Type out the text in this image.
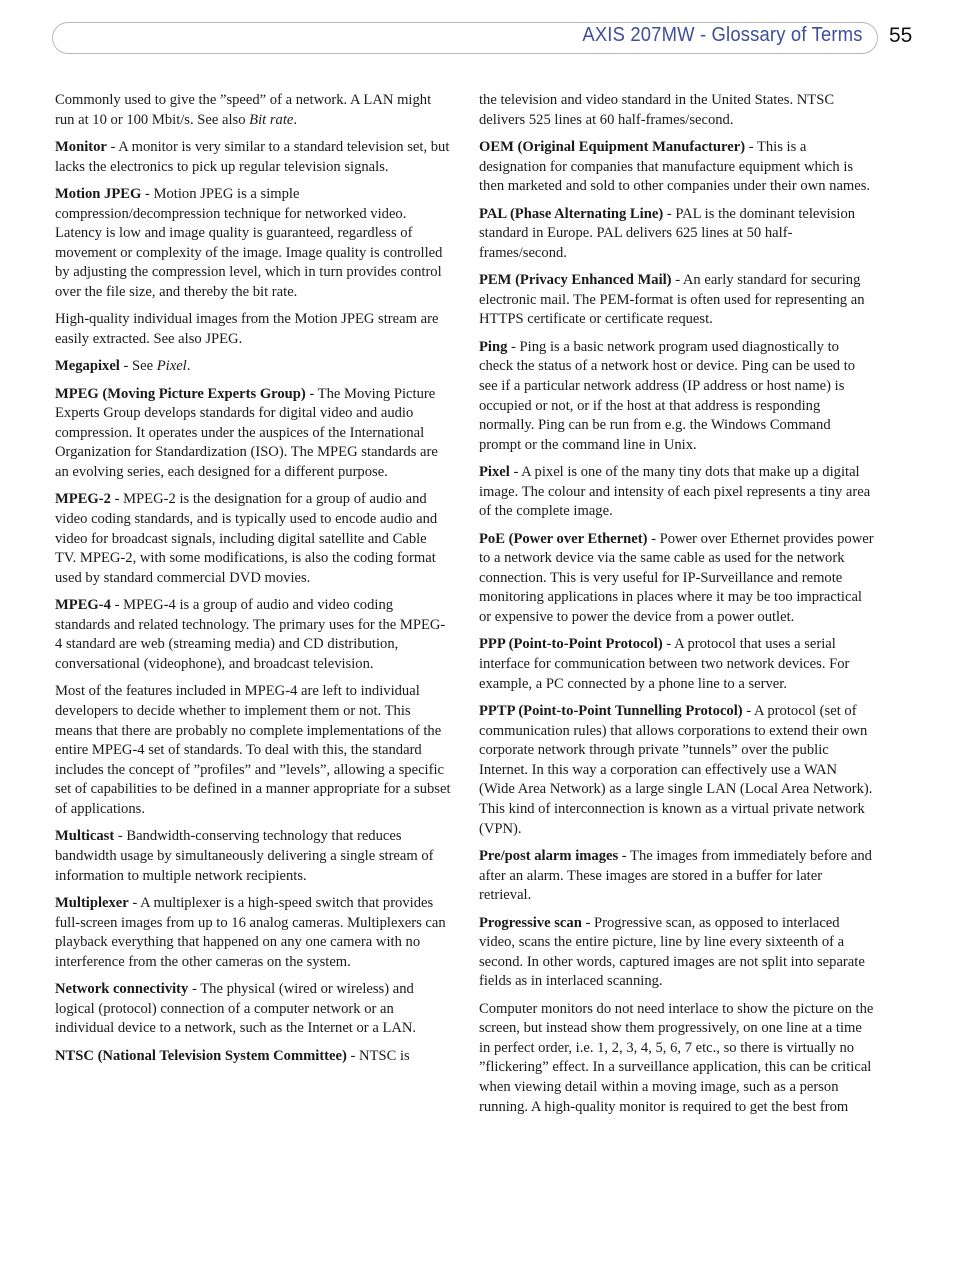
AXIS 207MW - Glossary of Terms 55

Commonly used to give the ”speed” of a network. A LAN might run at 10 or 100 Mbit/s. See also Bit rate.

Monitor - A monitor is very similar to a standard television set, but lacks the electronics to pick up regular television signals.

Motion JPEG - Motion JPEG is a simple compression/decompression technique for networked video. Latency is low and image quality is guaranteed, regardless of movement or complexity of the image. Image quality is controlled by adjusting the compression level, which in turn provides control over the file size, and thereby the bit rate.

High-quality individual images from the Motion JPEG stream are easily extracted. See also JPEG.

Megapixel - See Pixel.

MPEG (Moving Picture Experts Group) - The Moving Picture Experts Group develops standards for digital video and audio compression. It operates under the auspices of the International Organization for Standardization (ISO). The MPEG standards are an evolving series, each designed for a different purpose.

MPEG-2 - MPEG-2 is the designation for a group of audio and video coding standards, and is typically used to encode audio and video for broadcast signals, including digital satellite and Cable TV. MPEG-2, with some modifications, is also the coding format used by standard commercial DVD movies.

MPEG-4 - MPEG-4 is a group of audio and video coding standards and related technology. The primary uses for the MPEG-4 standard are web (streaming media) and CD distribution, conversational (videophone), and broadcast television.

Most of the features included in MPEG-4 are left to individual developers to decide whether to implement them or not. This means that there are probably no complete implementations of the entire MPEG-4 set of standards. To deal with this, the standard includes the concept of ”profiles” and ”levels”, allowing a specific set of capabilities to be defined in a manner appropriate for a subset of applications.

Multicast - Bandwidth-conserving technology that reduces bandwidth usage by simultaneously delivering a single stream of information to multiple network recipients.

Multiplexer - A multiplexer is a high-speed switch that provides full-screen images from up to 16 analog cameras. Multiplexers can playback everything that happened on any one camera with no interference from the other cameras on the system.

Network connectivity - The physical (wired or wireless) and logical (protocol) connection of a computer network or an individual device to a network, such as the Internet or a LAN.

NTSC (National Television System Committee) - NTSC is

the television and video standard in the United States. NTSC delivers 525 lines at 60 half-frames/second.

OEM (Original Equipment Manufacturer) - This is a designation for companies that manufacture equipment which is then marketed and sold to other companies under their own names.

PAL (Phase Alternating Line) - PAL is the dominant television standard in Europe. PAL delivers 625 lines at 50 half-frames/second.

PEM (Privacy Enhanced Mail) - An early standard for securing electronic mail. The PEM-format is often used for representing an HTTPS certificate or certificate request.

Ping - Ping is a basic network program used diagnostically to check the status of a network host or device. Ping can be used to see if a particular network address (IP address or host name) is occupied or not, or if the host at that address is responding normally. Ping can be run from e.g. the Windows Command prompt or the command line in Unix.

Pixel - A pixel is one of the many tiny dots that make up a digital image. The colour and intensity of each pixel represents a tiny area of the complete image.

PoE (Power over Ethernet) - Power over Ethernet provides power to a network device via the same cable as used for the network connection. This is very useful for IP-Surveillance and remote monitoring applications in places where it may be too impractical or expensive to power the device from a power outlet.

PPP (Point-to-Point Protocol) - A protocol that uses a serial interface for communication between two network devices. For example, a PC connected by a phone line to a server.

PPTP (Point-to-Point Tunnelling Protocol) - A protocol (set of communication rules) that allows corporations to extend their own corporate network through private ”tunnels” over the public Internet. In this way a corporation can effectively use a WAN (Wide Area Network) as a large single LAN (Local Area Network). This kind of interconnection is known as a virtual private network (VPN).

Pre/post alarm images - The images from immediately before and after an alarm. These images are stored in a buffer for later retrieval.

Progressive scan - Progressive scan, as opposed to interlaced video, scans the entire picture, line by line every sixteenth of a second. In other words, captured images are not split into separate fields as in interlaced scanning.

Computer monitors do not need interlace to show the picture on the screen, but instead show them progressively, on one line at a time in perfect order, i.e. 1, 2, 3, 4, 5, 6, 7 etc., so there is virtually no ”flickering” effect. In a surveillance application, this can be critical when viewing detail within a moving image, such as a person running. A high-quality monitor is required to get the best from
